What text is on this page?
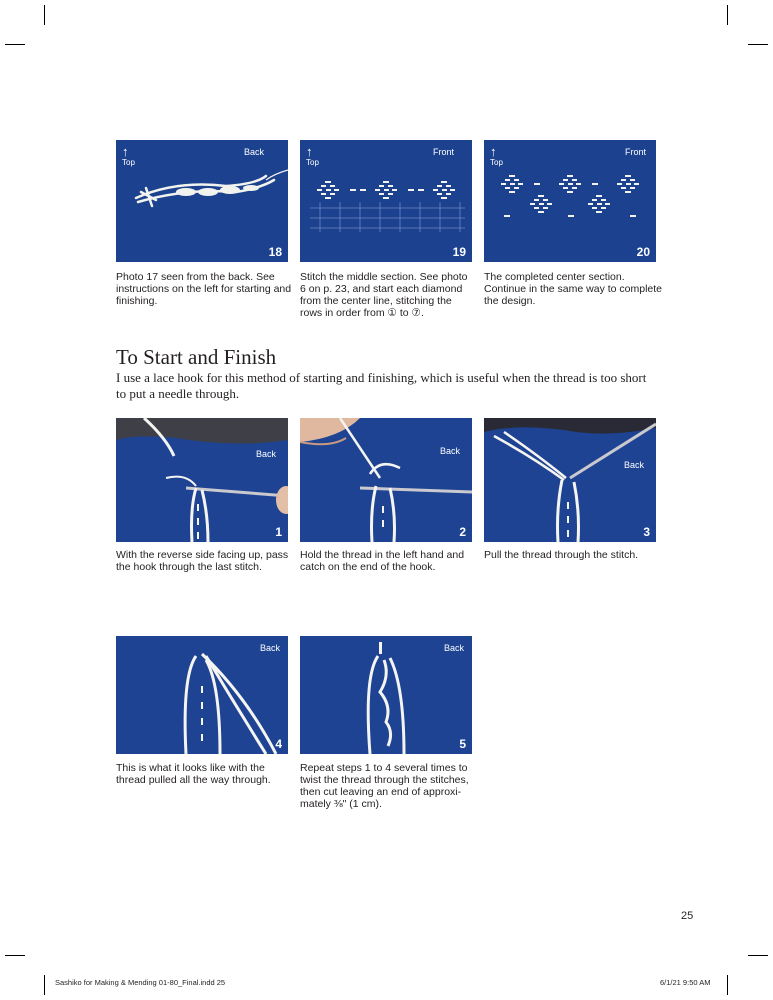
↑
Top
Back
18
Photo 17 seen from the back. See instructions on the left for starting and finishing.
↑
Top
Front
19
Stitch the middle section. See photo 6 on p. 23, and start each diamond from the center line, stitching the rows in order from ① to ⑦.
↑
Top
Front
20
The completed center section. Continue in the same way to complete the design.
To Start and Finish
I use a lace hook for this method of starting and finishing, which is useful when the thread is too short to put a needle through.
Back
1
With the reverse side facing up, pass the hook through the last stitch.
Back
2
Hold the thread in the left hand and catch on the end of the hook.
Back
3
Pull the thread through the stitch.
Back
4
This is what it looks like with the thread pulled all the way through.
Back
5
Repeat steps 1 to 4 several times to twist the thread through the stitches, then cut leaving an end of approxi-mately ⅜" (1 cm).
25
Sashiko for Making & Mending 01-80_Final.indd 25	6/1/21 9:50 AM
